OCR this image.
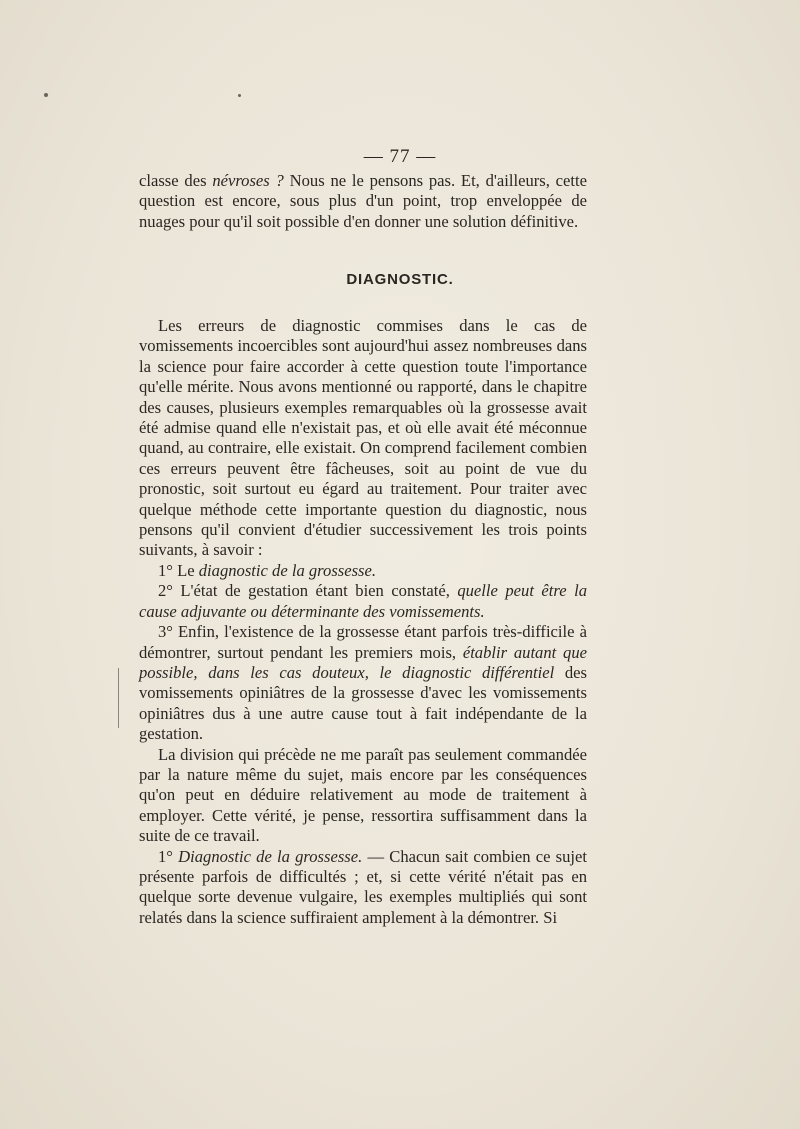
— 77 —

classe des névroses ? Nous ne le pensons pas. Et, d'ailleurs, cette question est encore, sous plus d'un point, trop enveloppée de nuages pour qu'il soit possible d'en donner une solution définitive.

DIAGNOSTIC.

Les erreurs de diagnostic commises dans le cas de vomissements incoercibles sont aujourd'hui assez nombreuses dans la science pour faire accorder à cette question toute l'importance qu'elle mérite. Nous avons mentionné ou rapporté, dans le chapitre des causes, plusieurs exemples remarquables où la grossesse avait été admise quand elle n'existait pas, et où elle avait été méconnue quand, au contraire, elle existait. On comprend facilement combien ces erreurs peuvent être fâcheuses, soit au point de vue du pronostic, soit surtout eu égard au traitement. Pour traiter avec quelque méthode cette importante question du diagnostic, nous pensons qu'il convient d'étudier successivement les trois points suivants, à savoir :

1° Le diagnostic de la grossesse.

2° L'état de gestation étant bien constaté, quelle peut être la cause adjuvante ou déterminante des vomissements.

3° Enfin, l'existence de la grossesse étant parfois très-difficile à démontrer, surtout pendant les premiers mois, établir autant que possible, dans les cas douteux, le diagnostic différentiel des vomissements opiniâtres de la grossesse d'avec les vomissements opiniâtres dus à une autre cause tout à fait indépendante de la gestation.

La division qui précède ne me paraît pas seulement commandée par la nature même du sujet, mais encore par les conséquences qu'on peut en déduire relativement au mode de traitement à employer. Cette vérité, je pense, ressortira suffisamment dans la suite de ce travail.

1° Diagnostic de la grossesse. — Chacun sait combien ce sujet présente parfois de difficultés ; et, si cette vérité n'était pas en quelque sorte devenue vulgaire, les exemples multipliés qui sont relatés dans la science suffiraient amplement à la démontrer. Si
